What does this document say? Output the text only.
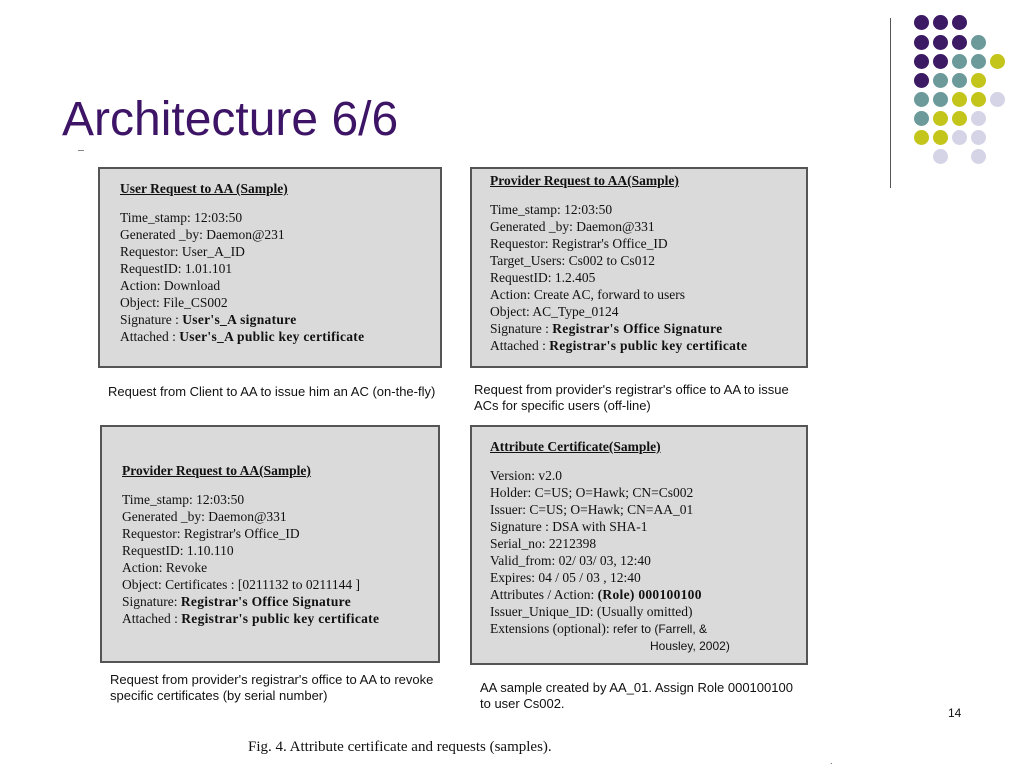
Architecture 6/6
User Request to AA (Sample)
Time_stamp: 12:03:50
Generated _by: Daemon@231
Requestor: User_A_ID
RequestID: 1.01.101
Action: Download
Object: File_CS002
Signature : User's_A signature
Attached : User's_A public key certificate
Request from Client to AA to issue him an AC (on-the-fly)
Provider Request to AA(Sample)
Time_stamp: 12:03:50
Generated _by: Daemon@331
Requestor: Registrar's Office_ID
Target_Users: Cs002 to Cs012
RequestID: 1.2.405
Action: Create AC, forward to users
Object: AC_Type_0124
Signature : Registrar's Office Signature
Attached : Registrar's public key certificate
Request from provider's registrar's office to AA to issue ACs for specific users (off-line)
Provider Request to AA(Sample)
Time_stamp: 12:03:50
Generated _by: Daemon@331
Requestor: Registrar's Office_ID
RequestID: 1.10.110
Action: Revoke
Object: Certificates : [0211132 to 0211144 ]
Signature: Registrar's Office Signature
Attached : Registrar's public key certificate
Request from provider's registrar's office to AA to revoke specific certificates (by serial number)
Attribute Certificate(Sample)
Version: v2.0
Holder: C=US; O=Hawk; CN=Cs002
Issuer: C=US; O=Hawk; CN=AA_01
Signature : DSA with SHA-1
Serial_no: 2212398
Valid_from: 02/ 03/ 03, 12:40
Expires: 04 / 05 / 03 , 12:40
Attributes / Action: (Role) 000100100
Issuer_Unique_ID: (Usually omitted)
Extensions (optional): refer to (Farrell, &
Housley, 2002)
AA sample created by AA_01. Assign Role 000100100 to user Cs002.
14
Fig. 4. Attribute certificate and requests (samples).
.
